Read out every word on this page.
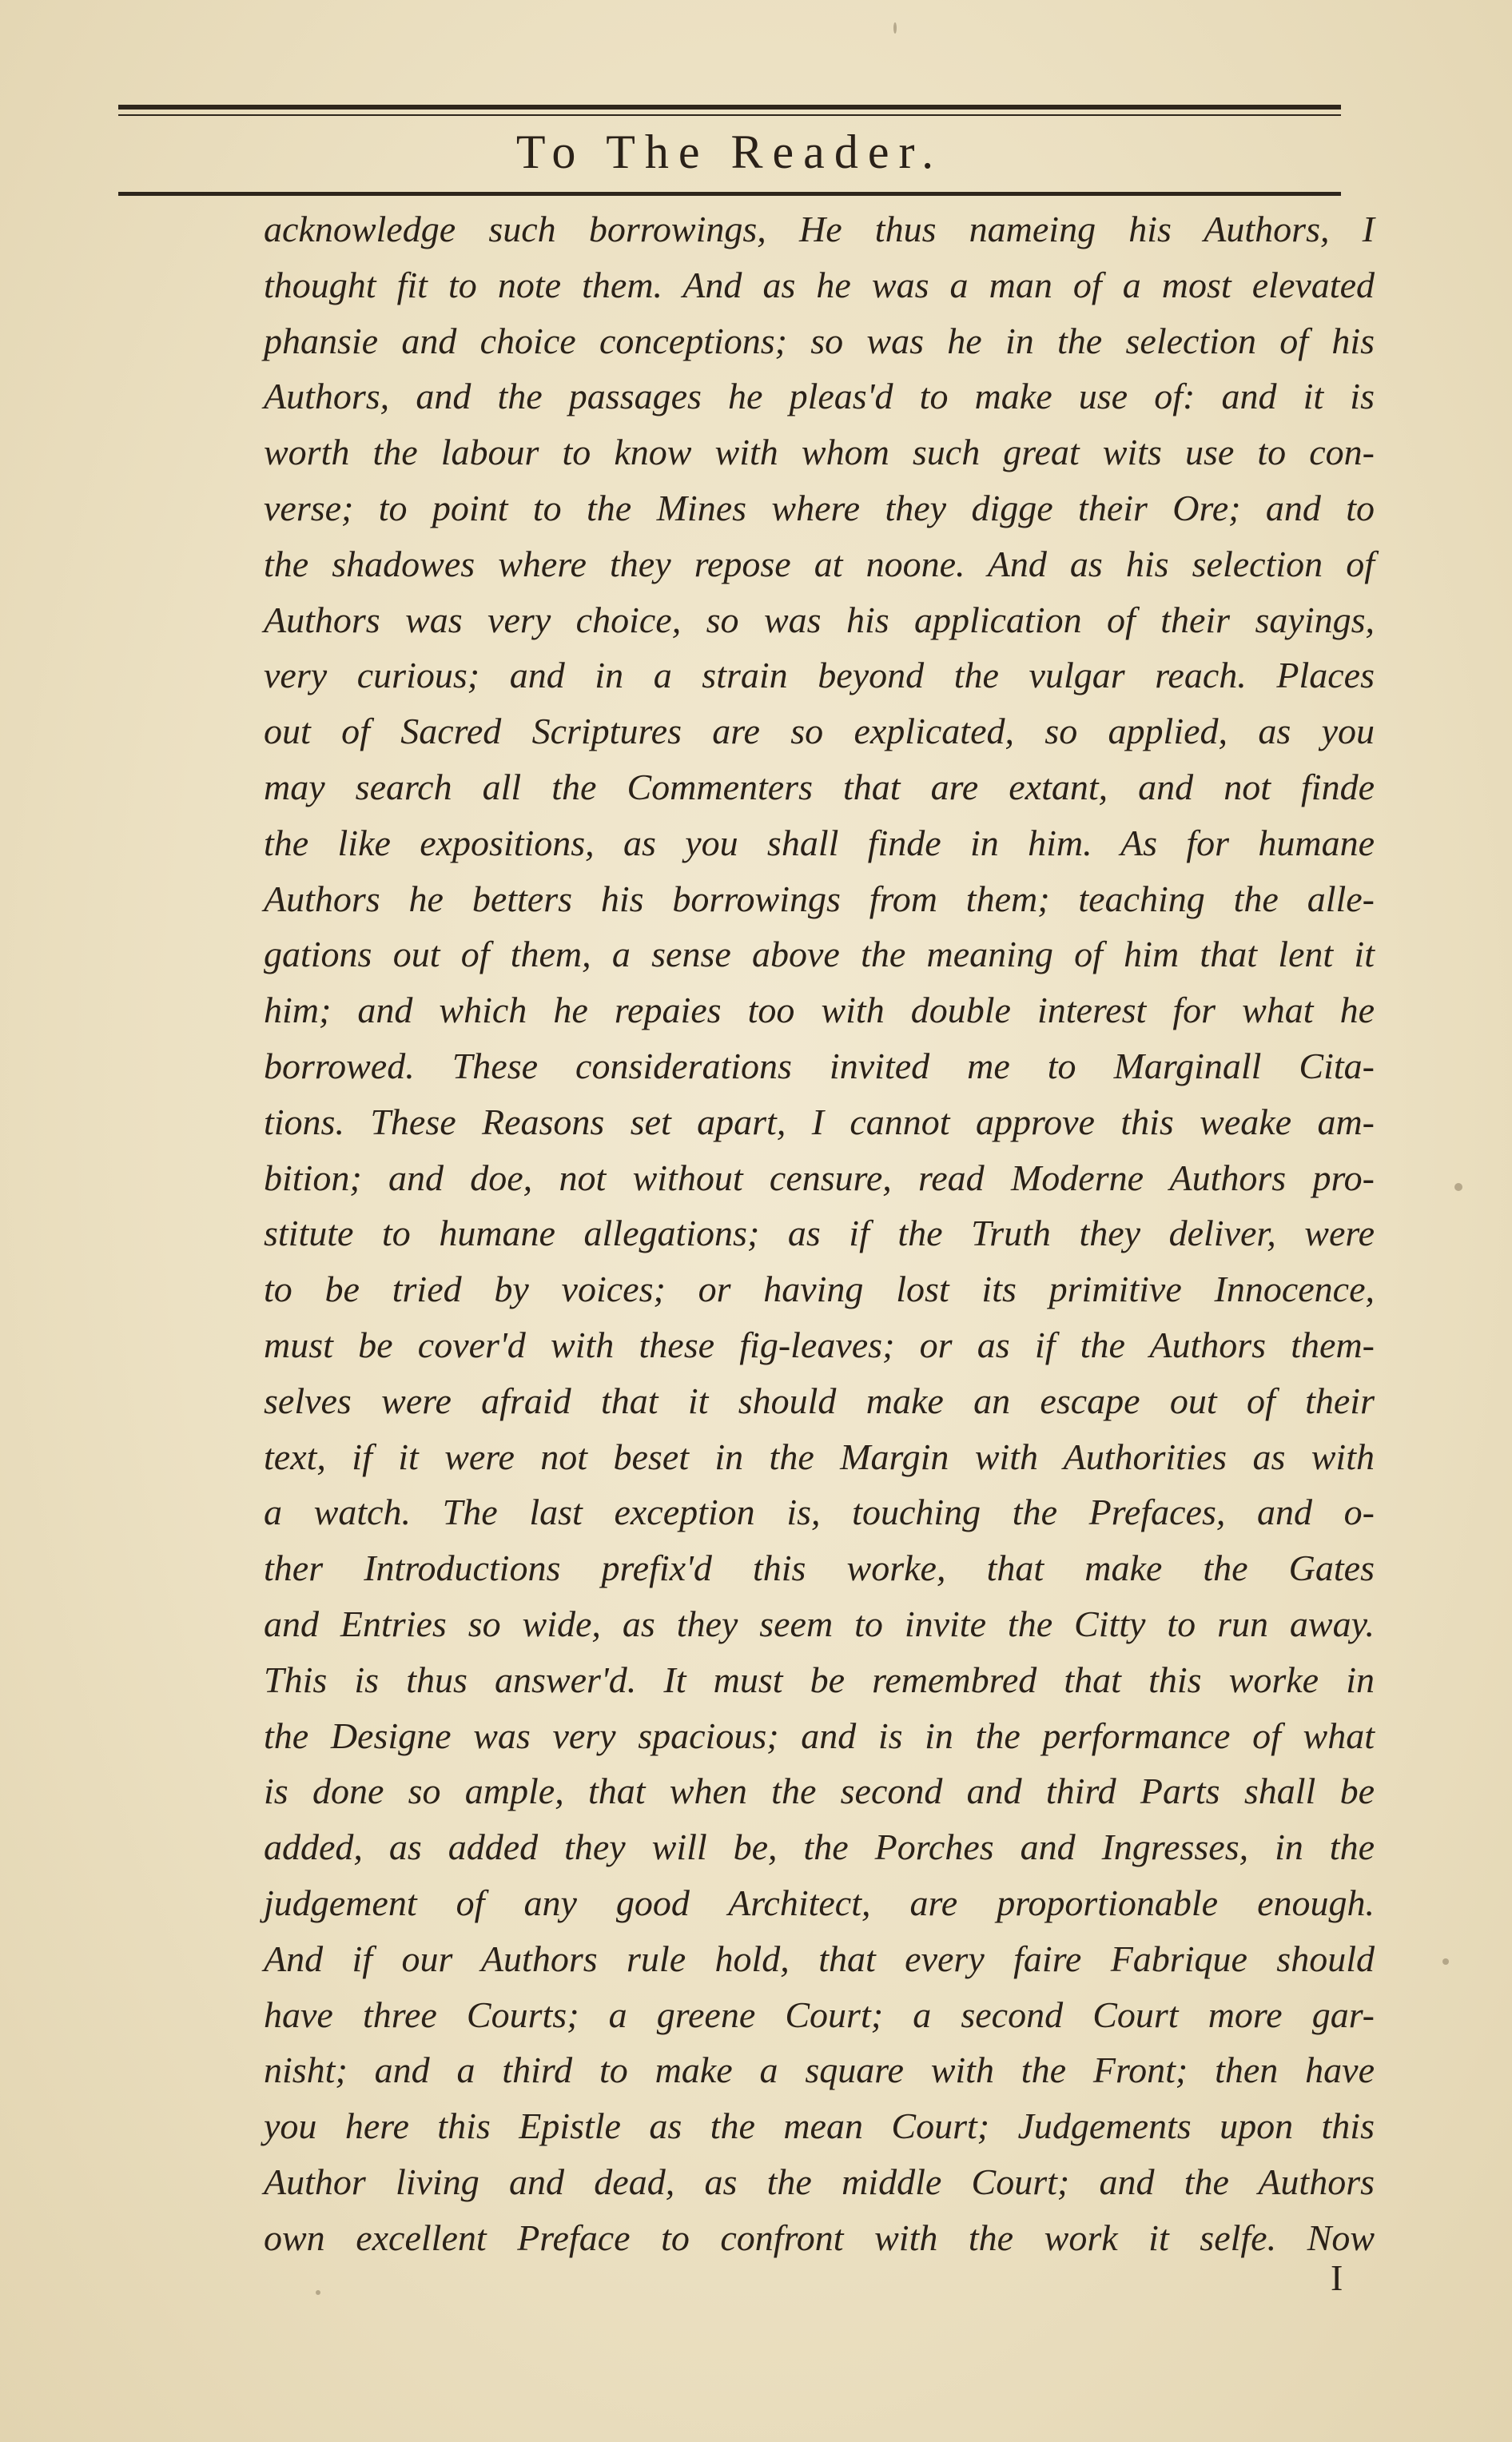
To The Reader.
acknowledge such borrowings, He thus nameing his Authors, I
thought fit to note them. And as he was a man of a most elevated
phansie and choice conceptions; so was he in the selection of his
Authors, and the passages he pleas'd to make use of: and it is
worth the labour to know with whom such great wits use to con-
verse; to point to the Mines where they digge their Ore; and to
the shadowes where they repose at noone. And as his selection of
Authors was very choice, so was his application of their sayings,
very curious; and in a strain beyond the vulgar reach. Places
out of Sacred Scriptures are so explicated, so applied, as you
may search all the Commenters that are extant, and not finde
the like expositions, as you shall finde in him. As for humane
Authors he betters his borrowings from them; teaching the alle-
gations out of them, a sense above the meaning of him that lent it
him; and which he repaies too with double interest for what he
borrowed. These considerations invited me to Marginall Cita-
tions. These Reasons set apart, I cannot approve this weake am-
bition; and doe, not without censure, read Moderne Authors pro-
stitute to humane allegations; as if the Truth they deliver, were
to be tried by voices; or having lost its primitive Innocence,
must be cover'd with these fig-leaves; or as if the Authors them-
selves were afraid that it should make an escape out of their
text, if it were not beset in the Margin with Authorities as with
a watch. The last exception is, touching the Prefaces, and o-
ther Introductions prefix'd this worke, that make the Gates
and Entries so wide, as they seem to invite the Citty to run away.
This is thus answer'd. It must be remembred that this worke in
the Designe was very spacious; and is in the performance of what
is done so ample, that when the second and third Parts shall be
added, as added they will be, the Porches and Ingresses, in the
judgement of any good Architect, are proportionable enough.
And if our Authors rule hold, that every faire Fabrique should
have three Courts; a greene Court; a second Court more gar-
nisht; and a third to make a square with the Front; then have
you here this Epistle as the mean Court; Judgements upon this
Author living and dead, as the middle Court; and the Authors
own excellent Preface to confront with the work it selfe. Now
I
